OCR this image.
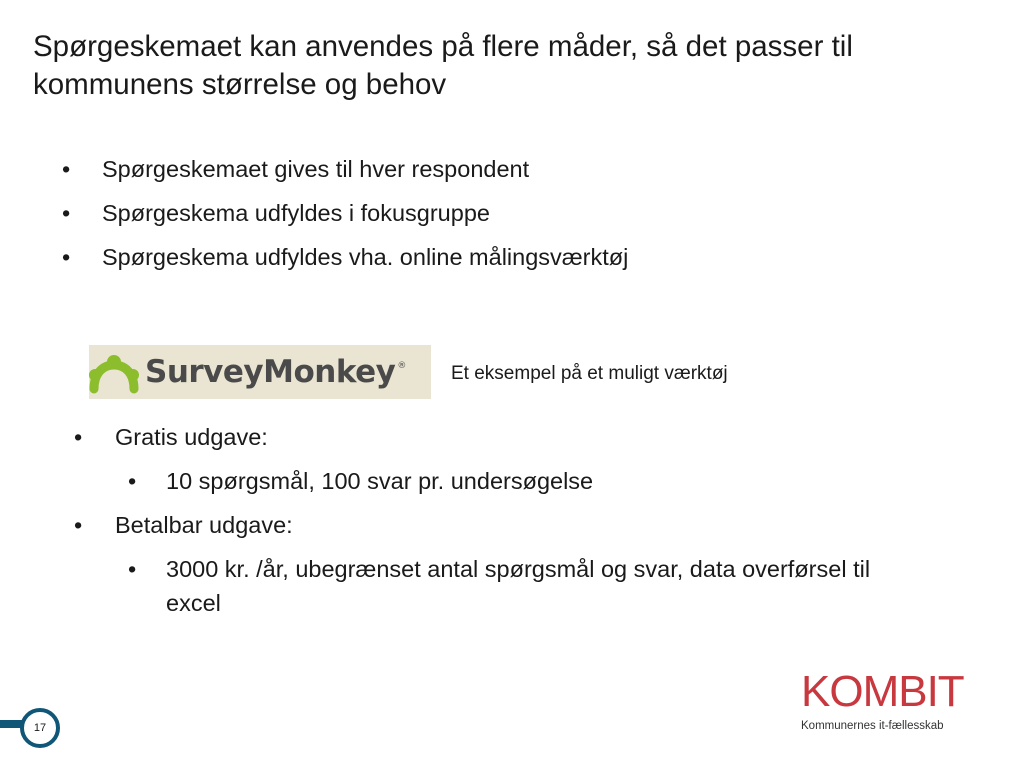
Spørgeskemaet kan anvendes på flere måder, så det passer til kommunens størrelse og behov
• Spørgeskemaet gives til hver respondent
• Spørgeskema udfyldes i fokusgruppe
• Spørgeskema udfyldes vha. online målingsværktøj
SurveyMonkey ® Et eksempel på et muligt værktøj
• Gratis udgave:
• 10 spørgsmål, 100 svar pr. undersøgelse
• Betalbar udgave:
• 3000 kr. /år, ubegrænset antal spørgsmål og svar, data overførsel til excel
KOMBIT
Kommunernes it-fællesskab
17
